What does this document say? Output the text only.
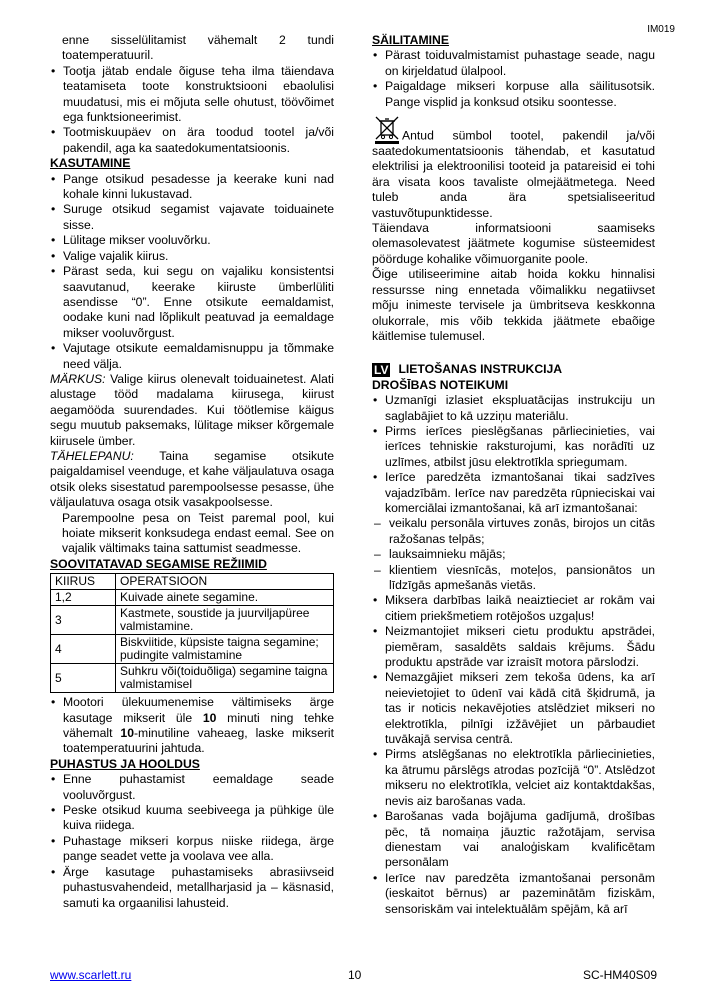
IM019
enne sisselülitamist vähemalt 2 tundi toatemperatuuril.
• Tootja jätab endale õiguse teha ilma täiendava teatamiseta toote konstruktsiooni ebaolulisi muudatusi, mis ei mõjuta selle ohutust, töövõimet ega funktsioneerimist.
• Tootmiskuupäev on ära toodud tootel ja/või pakendil, aga ka saatedokumentatsioonis.
KASUTAMINE
• Pange otsikud pesadesse ja keerake kuni nad kohale kinni lukustavad.
• Suruge otsikud segamist vajavate toiduainete sisse.
• Lülitage mikser vooluvõrku.
• Valige vajalik kiirus.
• Pärast seda, kui segu on vajaliku konsistentsi saavutanud, keerake kiiruste ümberlüliti asendisse “0”. Enne otsikute eemaldamist, oodake kuni nad lõplikult peatuvad ja eemaldage mikser vooluvõrgust.
• Vajutage otsikute eemaldamisnuppu ja tõmmake need välja.
MÄRKUS: Valige kiirus olenevalt toiduainetest. Alati alustage tööd madalama kiirusega, kiirust aegamööda suurendades. Kui töötlemise käigus segu muutub paksemaks, lülitage mikser kõrgemale kiirusele ümber.
TÄHELEPANU: Taina segamise otsikute paigaldamisel veenduge, et kahe väljaulatuva osaga otsik oleks sisestatud parempoolsesse pesasse, ühe väljaulatuva osaga otsik vasakpoolsesse.
Parempoolne pesa on Teist paremal pool, kui hoiate mikserit konksudega endast eemal. See on vajalik vältimaks taina sattumist seadmesse.
SOOVITATAVAD SEGAMISE REŽIIMID
KIIRUS	OPERATSIOON
1,2	Kuivade ainete segamine.
3	Kastmete, soustide ja juurviljapüree valmistamine.
4	Biskviitide, küpsiste taigna segamine; pudingite valmistamine
5	Suhkru või(toiduõliga) segamine taigna valmistamisel
• Mootori ülekuumenemise vältimiseks ärge kasutage mikserit üle 10 minuti ning tehke vähemalt 10-minutiline vaheaeg, laske mikserit toatemperatuurini jahtuda.
PUHASTUS JA HOOLDUS
• Enne puhastamist eemaldage seade vooluvõrgust.
• Peske otsikud kuuma seebiveega ja pühkige üle kuiva riidega.
• Puhastage mikseri korpus niiske riidega, ärge pange seadet vette ja voolava vee alla.
• Ärge kasutage puhastamiseks abrasiivseid puhastusvahendeid, metallharjasid ja – käsnasid, samuti ka orgaanilisi lahusteid.
SÄILITAMINE
• Pärast toiduvalmistamist puhastage seade, nagu on kirjeldatud ülalpool.
• Paigaldage mikseri korpuse alla säilitusotsik. Pange visplid ja konksud otsiku soontesse.
Antud sümbol tootel, pakendil ja/või saatedokumentatsioonis tähendab, et kasutatud elektrilisi ja elektroonilisi tooteid ja patareisid ei tohi ära visata koos tavaliste olmejäätmetega. Need tuleb anda ära spetsialiseeritud vastuvõtupunktidesse.
Täiendava informatsiooni saamiseks olemasolevatest jäätmete kogumise süsteemidest pöörduge kohalike võimuorganite poole.
Õige utiliseerimine aitab hoida kokku hinnalisi ressursse ning ennetada võimalikku negatiivset mõju inimeste tervisele ja ümbritseva keskkonna olukorrale, mis võib tekkida jäätmete ebaõige käitlemise tulemusel.
LV LIETOŠANAS INSTRUKCIJA
DROŠĪBAS NOTEIKUMI
• Uzmanīgi izlasiet ekspluatācijas instrukciju un saglabājiet to kā uzziņu materiālu.
• Pirms ierīces pieslēgšanas pārliecinieties, vai ierīces tehniskie raksturojumi, kas norādīti uz uzlīmes, atbilst jūsu elektrotīkla spriegumam.
• Ierīce paredzēta izmantošanai tikai sadzīves vajadzībām. Ierīce nav paredzēta rūpnieciskai vai komerciālai izmantošanai, kā arī izmantošanai:
– veikalu personāla virtuves zonās, birojos un citās ražošanas telpās;
– lauksaimnieku mājās;
– klientiem viesnīcās, moteļos, pansionātos un līdzīgās apmešanās vietās.
• Miksera darbības laikā neaiztieciet ar rokām vai citiem priekšmetiem rotējošos uzgaļus!
• Neizmantojiet mikseri cietu produktu apstrādei, piemēram, sasaldēts saldais krējums. Šādu produktu apstrāde var izraisīt motora pārslodzi.
• Nemazgājiet mikseri zem tekoša ūdens, ka arī neievietojiet to ūdenī vai kādā citā šķidrumā, ja tas ir noticis nekavējoties atslēdziet mikseri no elektrotīkla, pilnīgi izžāvējiet un pārbaudiet tuvākajā servisa centrā.
• Pirms atslēgšanas no elektrotīkla pārliecinieties, ka ātrumu pārslēgs atrodas pozīcijā “0”. Atslēdzot mikseru no elektrotīkla, velciet aiz kontaktdakšas, nevis aiz barošanas vada.
• Barošanas vada bojājuma gadījumā, drošības pēc, tā nomaiņa jāuztic ražotājam, servisa dienestam vai analoģiskam kvalificētam personālam
• Ierīce nav paredzēta izmantošanai personām (ieskaitot bērnus) ar pazeminātām fiziskām, sensoriskām vai intelektuālām spējām, kā arī
www.scarlett.ru	10	SC-HM40S09
